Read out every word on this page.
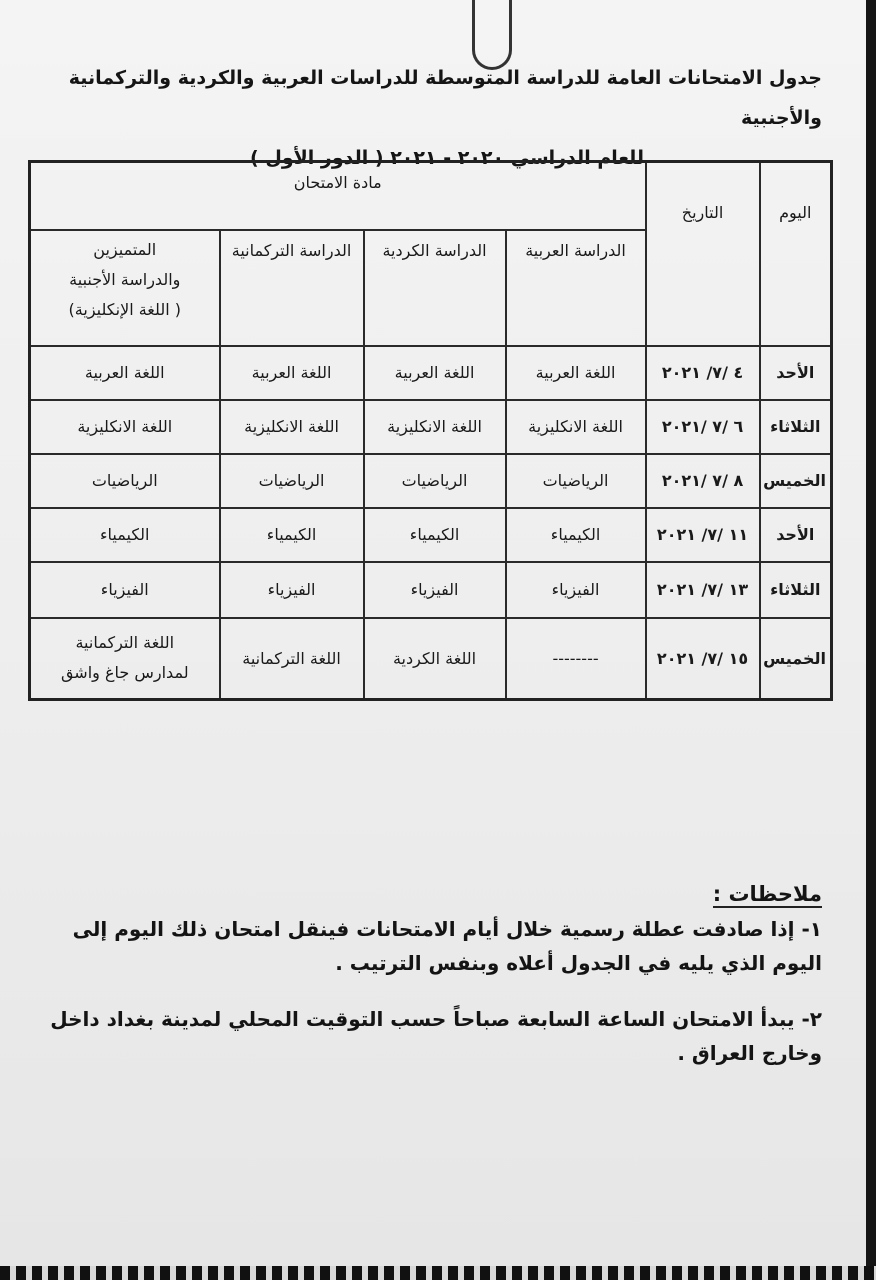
جدول الامتحانات العامة للدراسة المتوسطة للدراسات العربية والكردية والتركمانية والأجنبية
للعام الدراسي ٢٠٢٠ - ٢٠٢١ ( الدور الأول )
اليوم	التاريخ	مادة الامتحان			
		الدراسة العربية	الدراسة الكردية	الدراسة التركمانية	المتميزين
والدراسة الأجنبية
( اللغة الإنكليزية)
الأحد	٤ /٧/ ٢٠٢١	اللغة العربية	اللغة العربية	اللغة العربية	اللغة العربية
الثلاثاء	٦ /٧ /٢٠٢١	اللغة الانكليزية	اللغة الانكليزية	اللغة الانكليزية	اللغة الانكليزية
الخميس	٨ /٧ /٢٠٢١	الرياضيات	الرياضيات	الرياضيات	الرياضيات
الأحد	١١ /٧/ ٢٠٢١	الكيمياء	الكيمياء	الكيمياء	الكيمياء
الثلاثاء	١٣ /٧/ ٢٠٢١	الفيزياء	الفيزياء	الفيزياء	الفيزياء
الخميس	١٥ /٧/ ٢٠٢١	--------	اللغة الكردية	اللغة التركمانية	اللغة التركمانية
لمدارس جاغ واشق
ملاحظات :

١- إذا صادفت عطلة رسمية خلال أيام الامتحانات فينقل امتحان ذلك اليوم إلى اليوم الذي يليه في الجدول أعلاه وبنفس الترتيب .

٢- يبدأ الامتحان الساعة السابعة صباحاً حسب التوقيت المحلي لمدينة بغداد داخل وخارج العراق .
